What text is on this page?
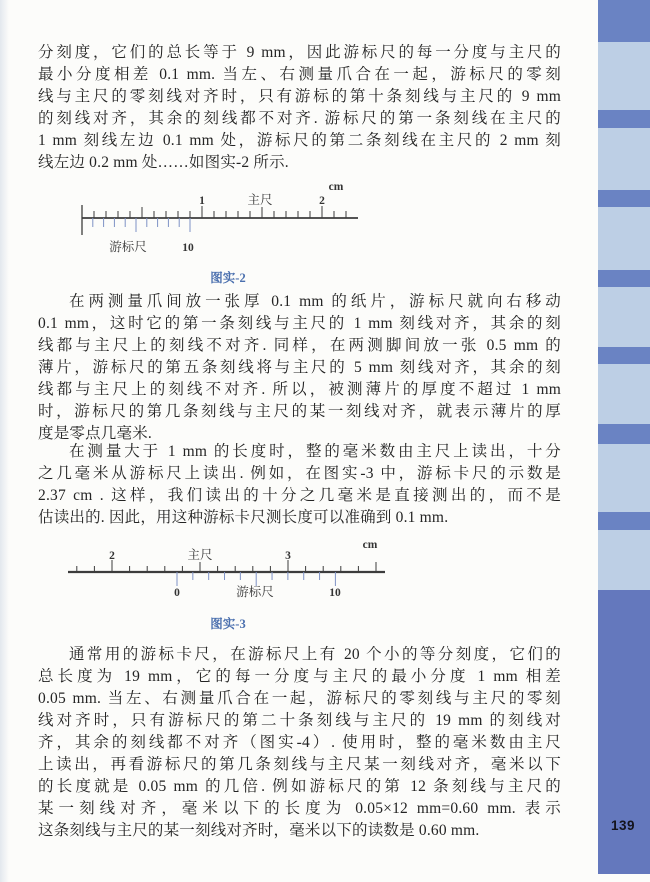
分刻度，它们的总长等于 9 mm，因此游标尺的每一分度与主尺的
最小分度相差 0.1 mm. 当左、右测量爪合在一起，游标尺的零刻
线与主尺的零刻线对齐时，只有游标的第十条刻线与主尺的 9 mm
的刻线对齐，其余的刻线都不对齐. 游标尺的第一条刻线在主尺的
1 mm 刻线左边 0.1 mm 处，游标尺的第二条刻线在主尺的 2 mm 刻
线左边 0.2 mm 处……如图实-2 所示.
在两测量爪间放一张厚 0.1 mm 的纸片，游标尺就向右移动
0.1 mm，这时它的第一条刻线与主尺的 1 mm 刻线对齐，其余的刻
线都与主尺上的刻线不对齐. 同样，在两测脚间放一张 0.5 mm 的
薄片，游标尺的第五条刻线将与主尺的 5 mm 刻线对齐，其余的刻
线都与主尺上的刻线不对齐. 所以，被测薄片的厚度不超过 1 mm
时，游标尺的第几条刻线与主尺的某一刻线对齐，就表示薄片的厚
度是零点几毫米.
在测量大于 1 mm 的长度时，整的毫米数由主尺上读出，十分
之几毫米从游标尺上读出. 例如，在图实-3 中，游标卡尺的示数是
2.37 cm . 这样，我们读出的十分之几毫米是直接测出的，而不是
估读出的. 因此，用这种游标卡尺测长度可以准确到 0.1 mm.
通常用的游标卡尺，在游标尺上有 20 个小的等分刻度，它们的
总长度为 19 mm，它的每一分度与主尺的最小分度 1 mm 相差
0.05 mm. 当左、右测量爪合在一起，游标尺的零刻线与主尺的零刻
线对齐时，只有游标尺的第二十条刻线与主尺的 19 mm 的刻线对
齐，其余的刻线都不对齐（图实-4）. 使用时，整的毫米数由主尺
上读出，再看游标尺的第几条刻线与主尺某一刻线对齐，毫米以下
的长度就是 0.05 mm 的几倍. 例如游标尺的第 12 条刻线与主尺的
某一刻线对齐，毫米以下的长度为 0.05×12 mm=0.60 mm. 表示
这条刻线与主尺的某一刻线对齐时，毫米以下的读数是 0.60 mm.
cm
1	主尺	2
游标尺	10
图实-2
cm
2	主尺	3
0	游标尺	10
图实-3
139
